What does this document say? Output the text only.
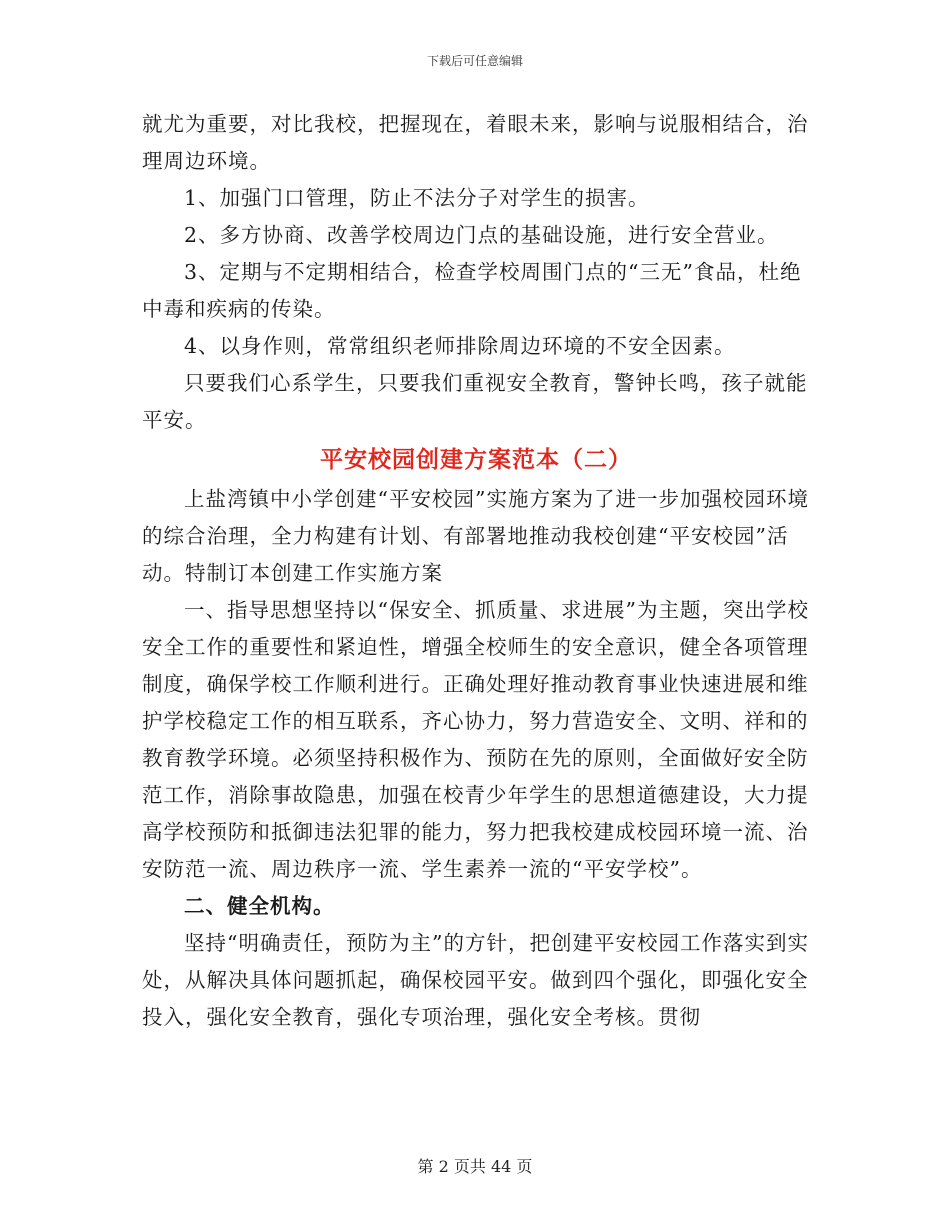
下载后可任意编辑

就尤为重要，对比我校，把握现在，着眼未来，影响与说服相结合，治理周边环境。

1、加强门口管理，防止不法分子对学生的损害。

2、多方协商、改善学校周边门点的基础设施，进行安全营业。

3、定期与不定期相结合，检查学校周围门点的“三无”食品，杜绝中毒和疾病的传染。

4、以身作则，常常组织老师排除周边环境的不安全因素。

只要我们心系学生，只要我们重视安全教育，警钟长鸣，孩子就能平安。

平安校园创建方案范本（二）

上盐湾镇中小学创建“平安校园”实施方案为了进一步加强校园环境的综合治理，全力构建有计划、有部署地推动我校创建“平安校园”活动。特制订本创建工作实施方案

一、指导思想坚持以“保安全、抓质量、求进展”为主题，突出学校安全工作的重要性和紧迫性，增强全校师生的安全意识，健全各项管理制度，确保学校工作顺利进行。正确处理好推动教育事业快速进展和维护学校稳定工作的相互联系，齐心协力，努力营造安全、文明、祥和的教育教学环境。必须坚持积极作为、预防在先的原则，全面做好安全防范工作，消除事故隐患，加强在校青少年学生的思想道德建设，大力提高学校预防和抵御违法犯罪的能力，努力把我校建成校园环境一流、治安防范一流、周边秩序一流、学生素养一流的“平安学校”。

二、健全机构。

坚持“明确责任，预防为主”的方针，把创建平安校园工作落实到实处，从解决具体问题抓起，确保校园平安。做到四个强化，即强化安全投入，强化安全教育，强化专项治理，强化安全考核。贯彻

第 2 页共 44 页
